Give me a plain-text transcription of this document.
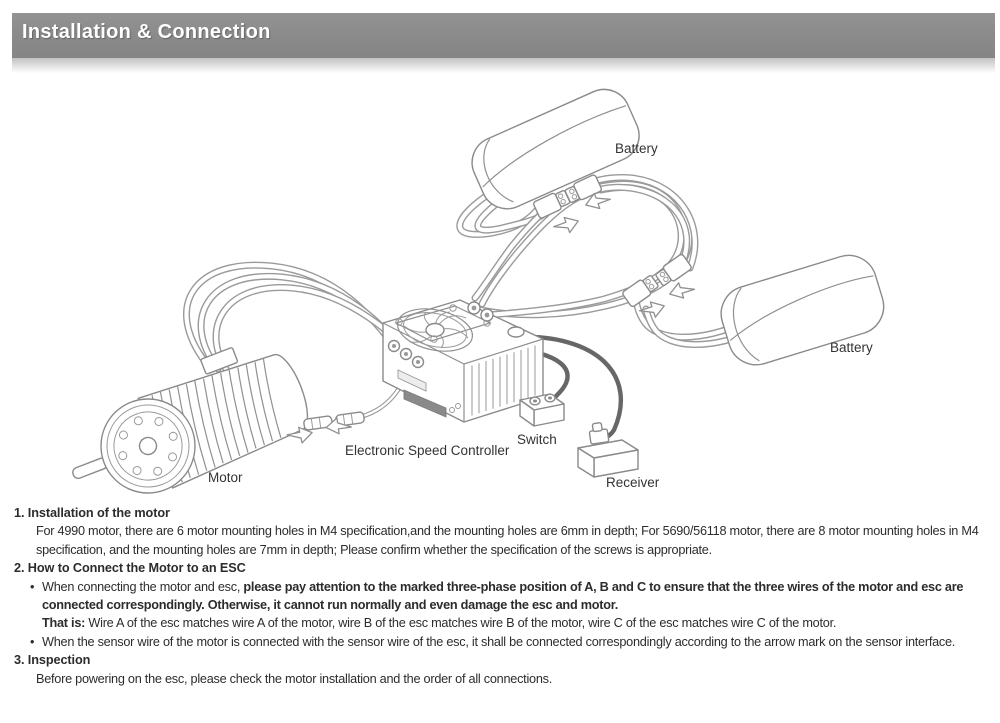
Installation & Connection
Battery
Battery
Motor
Electronic Speed Controller
Switch
Receiver
1. Installation of the motor
For 4990 motor, there are 6 motor mounting holes in M4 specification,and the mounting holes are 6mm in depth; For 5690/56118 motor, there are 8 motor mounting holes in M4 specification, and the mounting holes are 7mm in depth; Please confirm whether the specification of the screws is appropriate.
2. How to Connect the Motor to an ESC
• When connecting the motor and esc, please pay attention to the marked three-phase position of A, B and C to ensure that the three wires of the motor and esc are connected correspondingly. Otherwise, it cannot run normally and even damage the esc and motor.
That is: Wire A of the esc matches wire A of the motor, wire B of the esc matches wire B of the motor, wire C of the esc matches wire C of the motor.
• When the sensor wire of the motor is connected with the sensor wire of the esc, it shall be connected correspondingly according to the arrow mark on the sensor interface.
3. Inspection
Before powering on the esc, please check the motor installation and the order of all connections.
